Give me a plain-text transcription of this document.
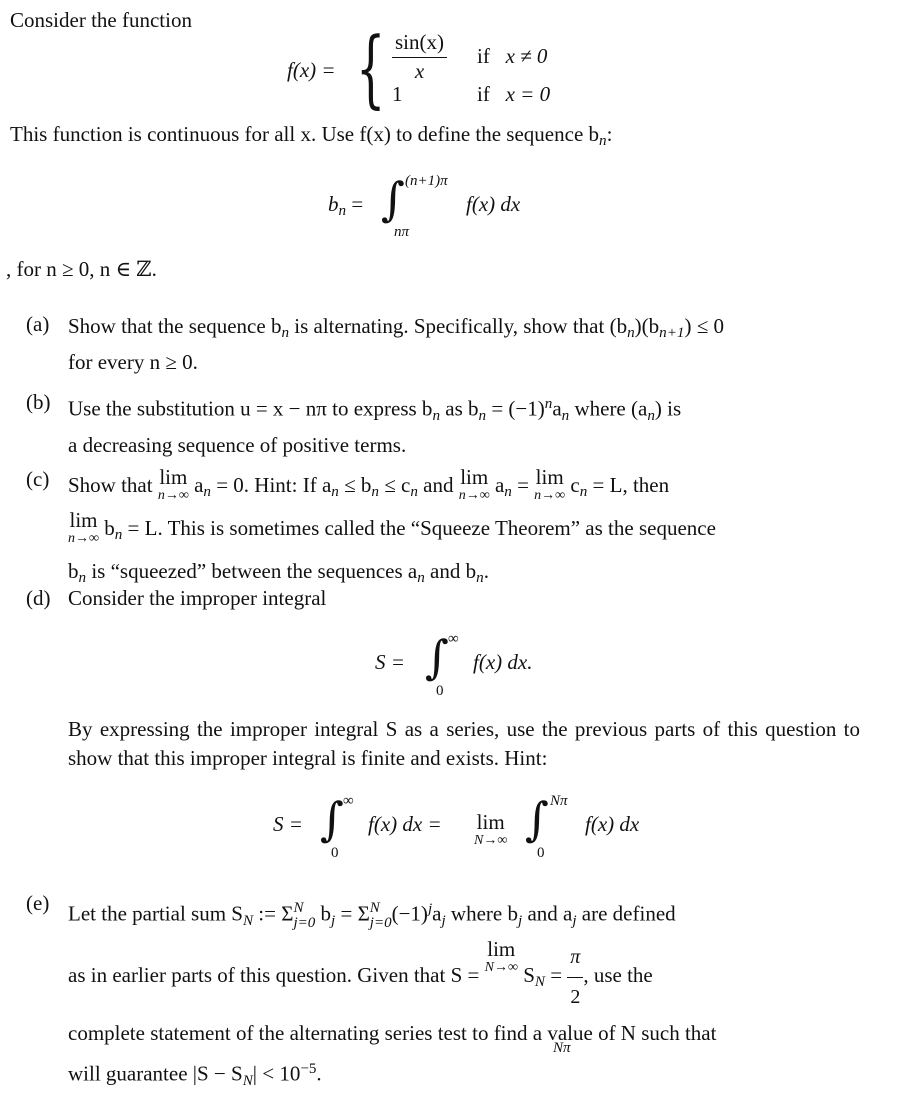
Consider the function
f(x) = { $\frac{\sin(x)}{x}$ if x ≠ 0
1	if x = 0
This function is continuous for all x. Use f(x) to define the sequence $b_n$:
$b_n$ = ∫ (n+1)π
nπ
f(x) dx
, for n ≥ 0, n ∈ ℤ.
(a) Show that the sequence $b_n$ is alternating. Specifically, show that $(b_n)(b_{n+1}) \le 0$
for every n ≥ 0.
(b) Use the substitution u = x − nπ to express $b_n$ as $b_n = (-1)^na_n$ where $(a_n)$ is
a decreasing sequence of positive terms.
(c) Show that lim
n→∞ $a_n = 0$. Hint: If $a_n \le b_n \le c_n$ and lim
n→∞ $a_n = \lim$
n→∞ $c_n = L$, then

lim
n→∞ $b_n = L$. This is sometimes called the “Squeeze Theorem” as the sequence
$b_n$ is “squeezed” between the sequences $a_n$ and $b_n$.
(d) Consider the improper integral
S = ∫ ∞
0
f(x) dx.
By expressing the improper integral S as a series, use the previous parts of this question to show that this improper integral is finite and exists. Hint:
S = ∫ ∞
0
f(x) dx = lim
N→∞ ∫ Nπ
0
f(x) dx
(e) Let the partial sum $S_N$ := Σ N
j=0 $b_j = \Sigma$ N
j=0 $(-1)^ja_j$ where $b_j$ and $a_j$ are defined
as in earlier parts of this question. Given that S =
lim
N→∞ $S_N = \frac{\pi}{2}$ , use the
complete statement of the alternating series test to find a value of N such that
will guarantee $|S - S_N| < 10^{-5}$.
Nπ
